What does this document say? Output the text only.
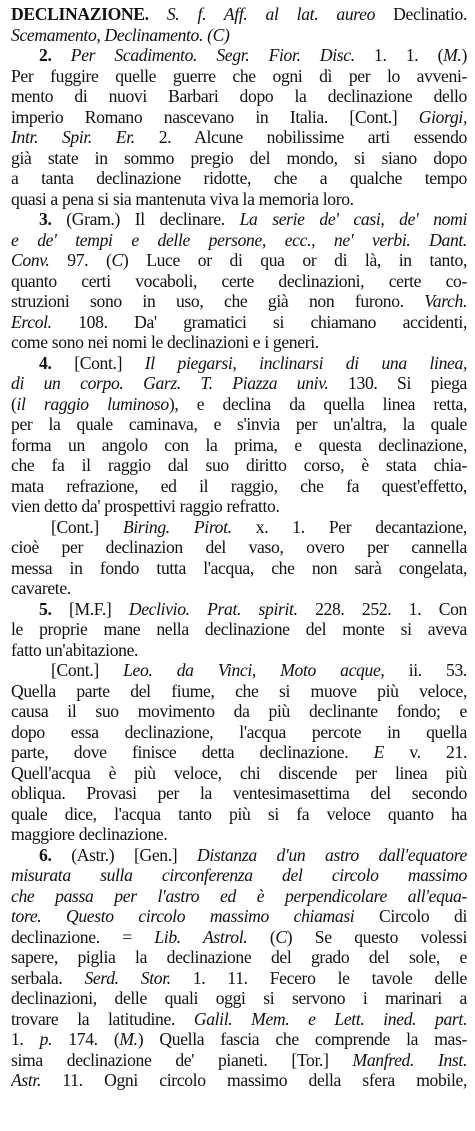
DECLINAZIONE. S. f. Aff. al lat. aureo Declinatio.
Scemamento, Declinamento. (C)
2. Per Scadimento. Segr. Fior. Disc. 1. 1. (M.)
Per fuggire quelle guerre che ogni dì per lo avveni-
mento di nuovi Barbari dopo la declinazione dello
imperio Romano nascevano in Italia. [Cont.] Giorgi,
Intr. Spir. Er. 2. Alcune nobilissime arti essendo
già state in sommo pregio del mondo, si siano dopo
a tanta declinazione ridotte, che a qualche tempo
quasi a pena si sia mantenuta viva la memoria loro.
3. (Gram.) Il declinare. La serie de' casi, de' nomi
e de' tempi e delle persone, ecc., ne' verbi. Dant.
Conv. 97. (C) Luce or di qua or di là, in tanto,
quanto certi vocaboli, certe declinazioni, certe co-
struzioni sono in uso, che già non furono. Varch.
Ercol. 108. Da' gramatici si chiamano accidenti,
come sono nei nomi le declinazioni e i generi.
4. [Cont.] Il piegarsi, inclinarsi di una linea,
di un corpo. Garz. T. Piazza univ. 130. Si piega
(il raggio luminoso), e declina da quella linea retta,
per la quale caminava, e s'invia per un'altra, la quale
forma un angolo con la prima, e questa declinazione,
che fa il raggio dal suo diritto corso, è stata chia-
mata refrazione, ed il raggio, che fa quest'effetto,
vien detto da' prospettivi raggio refratto.
[Cont.] Biring. Pirot. x. 1. Per decantazione,
cioè per declinazion del vaso, overo per cannella
messa in fondo tutta l'acqua, che non sarà congelata,
cavarete.
5. [M.F.] Declivio. Prat. spirit. 228. 252. 1. Con
le proprie mane nella declinazione del monte si aveva
fatto un'abitazione.
[Cont.] Leo. da Vinci, Moto acque, ii. 53.
Quella parte del fiume, che si muove più veloce,
causa il suo movimento da più declinante fondo; e
dopo essa declinazione, l'acqua percote in quella
parte, dove finisce detta declinazione. E v. 21.
Quell'acqua è più veloce, chi discende per linea più
obliqua. Provasi per la ventesimasettima del secondo
quale dice, l'acqua tanto più si fa veloce quanto ha
maggiore declinazione.
6. (Astr.) [Gen.] Distanza d'un astro dall'equatore
misurata sulla circonferenza del circolo massimo
che passa per l'astro ed è perpendicolare all'equa-
tore. Questo circolo massimo chiamasi Circolo di
declinazione. = Lib. Astrol. (C) Se questo volessi
sapere, piglia la declinazione del grado del sole, e
serbala. Serd. Stor. 1. 11. Fecero le tavole delle
declinazioni, delle quali oggi si servono i marinari a
trovare la latitudine. Galil. Mem. e Lett. ined. part.
1. p. 174. (M.) Quella fascia che comprende la mas-
sima declinazione de' pianeti. [Tor.] Manfred. Inst.
Astr. 11. Ogni circolo massimo della sfera mobile,
